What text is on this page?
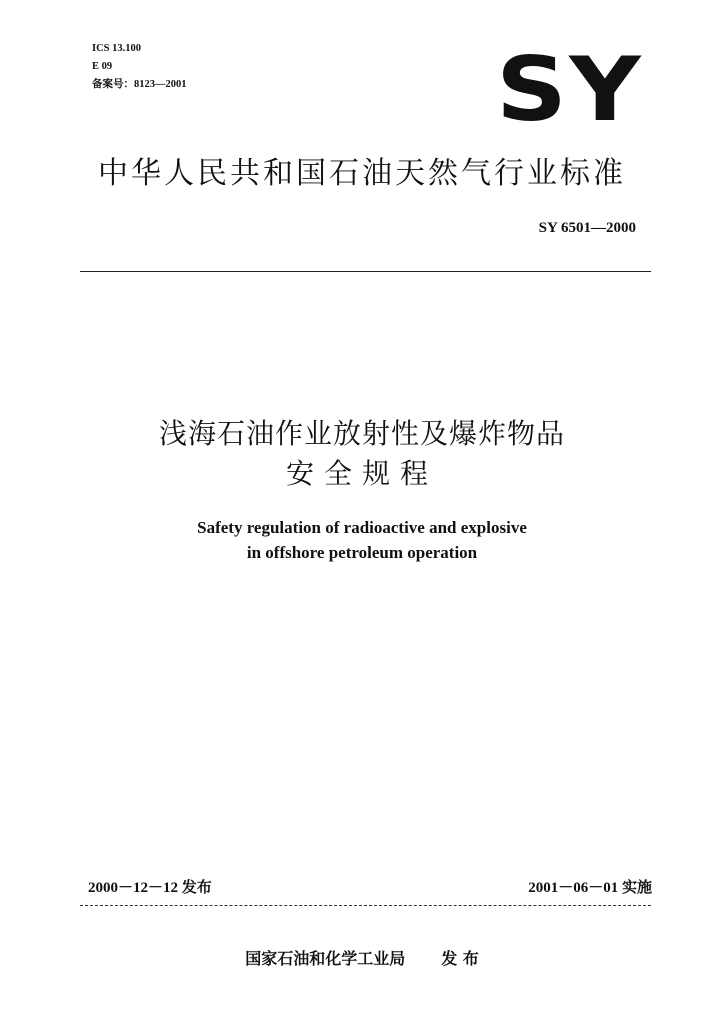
ICS 13.100
E 09
备案号：8123—2001	SY
中华人民共和国石油天然气行业标准
SY 6501—2000
浅海石油作业放射性及爆炸物品
安全规程
Safety regulation of radioactive and explosive
in offshore petroleum operation
2000－12－12 发布	2001－06－01 实施
国家石油和化学工业局 发 布
